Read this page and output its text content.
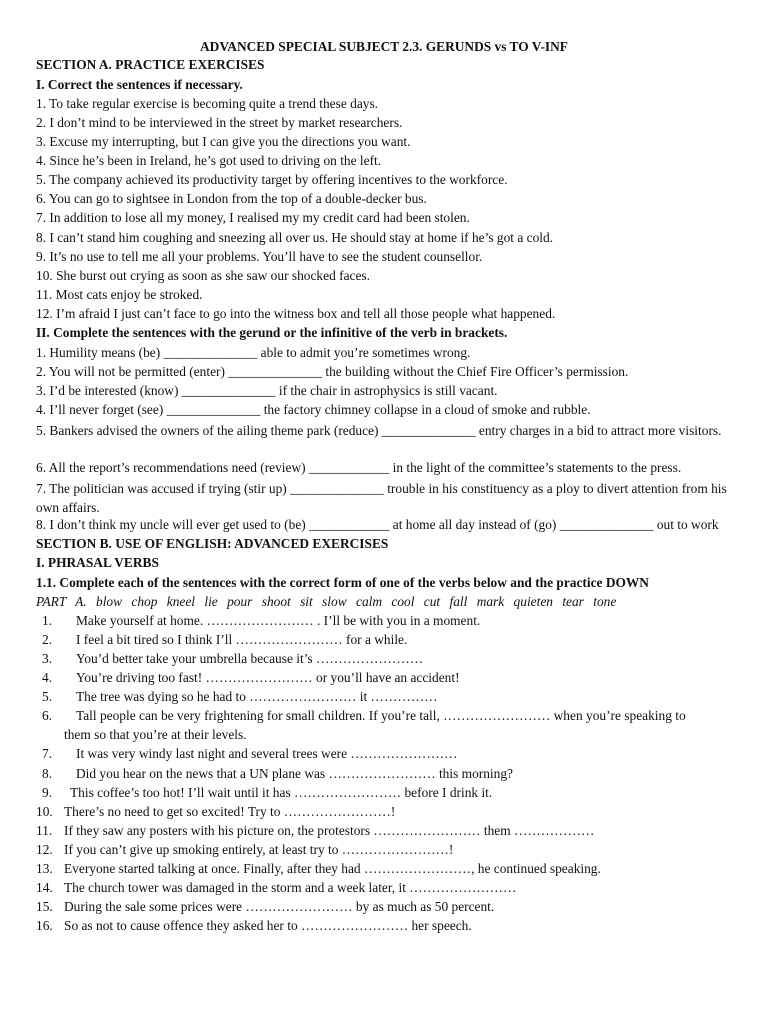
ADVANCED SPECIAL SUBJECT 2.3. GERUNDS vs TO V-INF
SECTION A. PRACTICE EXERCISES
I. Correct the sentences if necessary.
1. To take regular exercise is becoming quite a trend these days.
2. I don’t mind to be interviewed in the street by market researchers.
3. Excuse my interrupting, but I can give you the directions you want.
4. Since he’s been in Ireland, he’s got used to driving on the left.
5. The company achieved its productivity target by offering incentives to the workforce.
6. You can go to sightsee in London from the top of a double-decker bus.
7. In addition to lose all my money, I realised my my credit card had been stolen.
8. I can’t stand him coughing and sneezing all over us. He should stay at home if he’s got a cold.
9. It’s no use to tell me all your problems. You’ll have to see the student counsellor.
10. She burst out crying as soon as she saw our shocked faces.
11. Most cats enjoy be stroked.
12. I’m afraid I just can’t face to go into the witness box and tell all those people what happened.
II. Complete the sentences with the gerund or the infinitive of the verb in brackets.
1. Humility means (be) ______________ able to admit you’re sometimes wrong.
2. You will not be permitted (enter) ______________ the building without the Chief Fire Officer’s permission.
3. I’d be interested (know) ______________ if the chair in astrophysics is still vacant.
4. I’ll never forget (see) ______________ the factory chimney collapse in a cloud of smoke and rubble.
5. Bankers advised the owners of the ailing theme park (reduce) ______________ entry charges in a bid to attract more visitors.
6. All the report’s recommendations need (review) ____________ in the light of the committee’s statements to the press.
7. The politician was accused if trying (stir up) ______________ trouble in his constituency as a ploy to divert attention from his own affairs.
8. I don’t think my uncle will ever get used to (be) ____________ at home all day instead of (go) ______________ out to work
SECTION B. USE OF ENGLISH: ADVANCED EXERCISES
I. PHRASAL VERBS
1.1. Complete each of the sentences with the correct form of one of the verbs below and the practice DOWN
PART A. blow chop kneel lie pour shoot sit slow calm cool cut fall mark quieten tear tone
1. Make yourself at home. …………………… . I’ll be with you in a moment.
2. I feel a bit tired so I think I’ll …………………… for a while.
3. You’d better take your umbrella because it’s ……………………
4. You’re driving too fast! …………………… or you’ll have an accident!
5. The tree was dying so he had to …………………… it ……………
6. Tall people can be very frightening for small children. If you’re tall, …………………… when you’re speaking to
them so that you’re at their levels.
7. It was very windy last night and several trees were ……………………
8. Did you hear on the news that a UN plane was …………………… this morning?
9. This coffee’s too hot! I’ll wait until it has …………………… before I drink it.
10. There’s no need to get so excited! Try to ……………………!
11. If they saw any posters with his picture on, the protestors …………………… them ………………
12. If you can’t give up smoking entirely, at least try to ……………………!
13. Everyone started talking at once. Finally, after they had ……………………, he continued speaking.
14. The church tower was damaged in the storm and a week later, it ……………………
15. During the sale some prices were …………………… by as much as 50 percent.
16. So as not to cause offence they asked her to …………………… her speech.
